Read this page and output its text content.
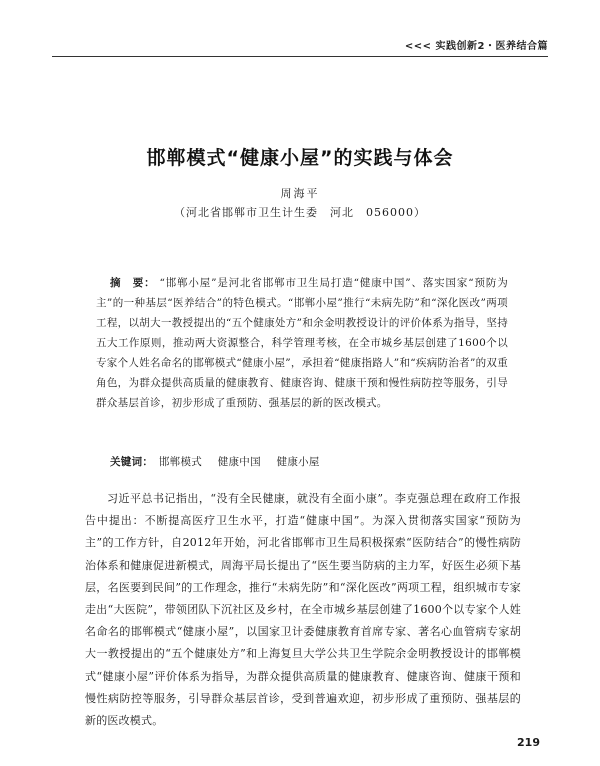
<<< 实践创新2・医养结合篇
邯郸模式“健康小屋”的实践与体会
周海平
（河北省邯郸市卫生计生委　河北　056000）
摘　要： “邯郸小屋”是河北省邯郸市卫生局打造“健康中国”、落实国家“预防为主”的一种基层“医养结合”的特色模式。“邯郸小屋”推行“未病先防”和“深化医改”两项工程，以胡大一教授提出的“五个健康处方”和余金明教授设计的评价体系为指导，坚持五大工作原则，推动两大资源整合，科学管理考核，在全市城乡基层创建了1600个以专家个人姓名命名的邯郸模式“健康小屋”，承担着“健康指路人”和“疾病防治者”的双重角色，为群众提供高质量的健康教育、健康咨询、健康干预和慢性病防控等服务，引导群众基层首诊，初步形成了重预防、强基层的新的医改模式。
关键词： 邯郸模式 健康中国 健康小屋

习近平总书记指出，“没有全民健康，就没有全面小康”。李克强总理在政府工作报告中提出：不断提高医疗卫生水平，打造“健康中国”。为深入贯彻落实国家“预防为主”的工作方针，自2012年开始，河北省邯郸市卫生局积极探索“医防结合”的慢性病防治体系和健康促进新模式，周海平局长提出了“医生要当防病的主力军，好医生必须下基层，名医要到民间”的工作理念，推行“未病先防”和“深化医改”两项工程，组织城市专家走出“大医院”，带领团队下沉社区及乡村，在全市城乡基层创建了1600个以专家个人姓名命名的邯郸模式“健康小屋”，以国家卫计委健康教育首席专家、著名心血管病专家胡大一教授提出的“五个健康处方”和上海复旦大学公共卫生学院余金明教授设计的邯郸模式“健康小屋”评价体系为指导，为群众提供高质量的健康教育、健康咨询、健康干预和慢性病防控等服务，引导群众基层首诊，受到普遍欢迎，初步形成了重预防、强基层的新的医改模式。

219
